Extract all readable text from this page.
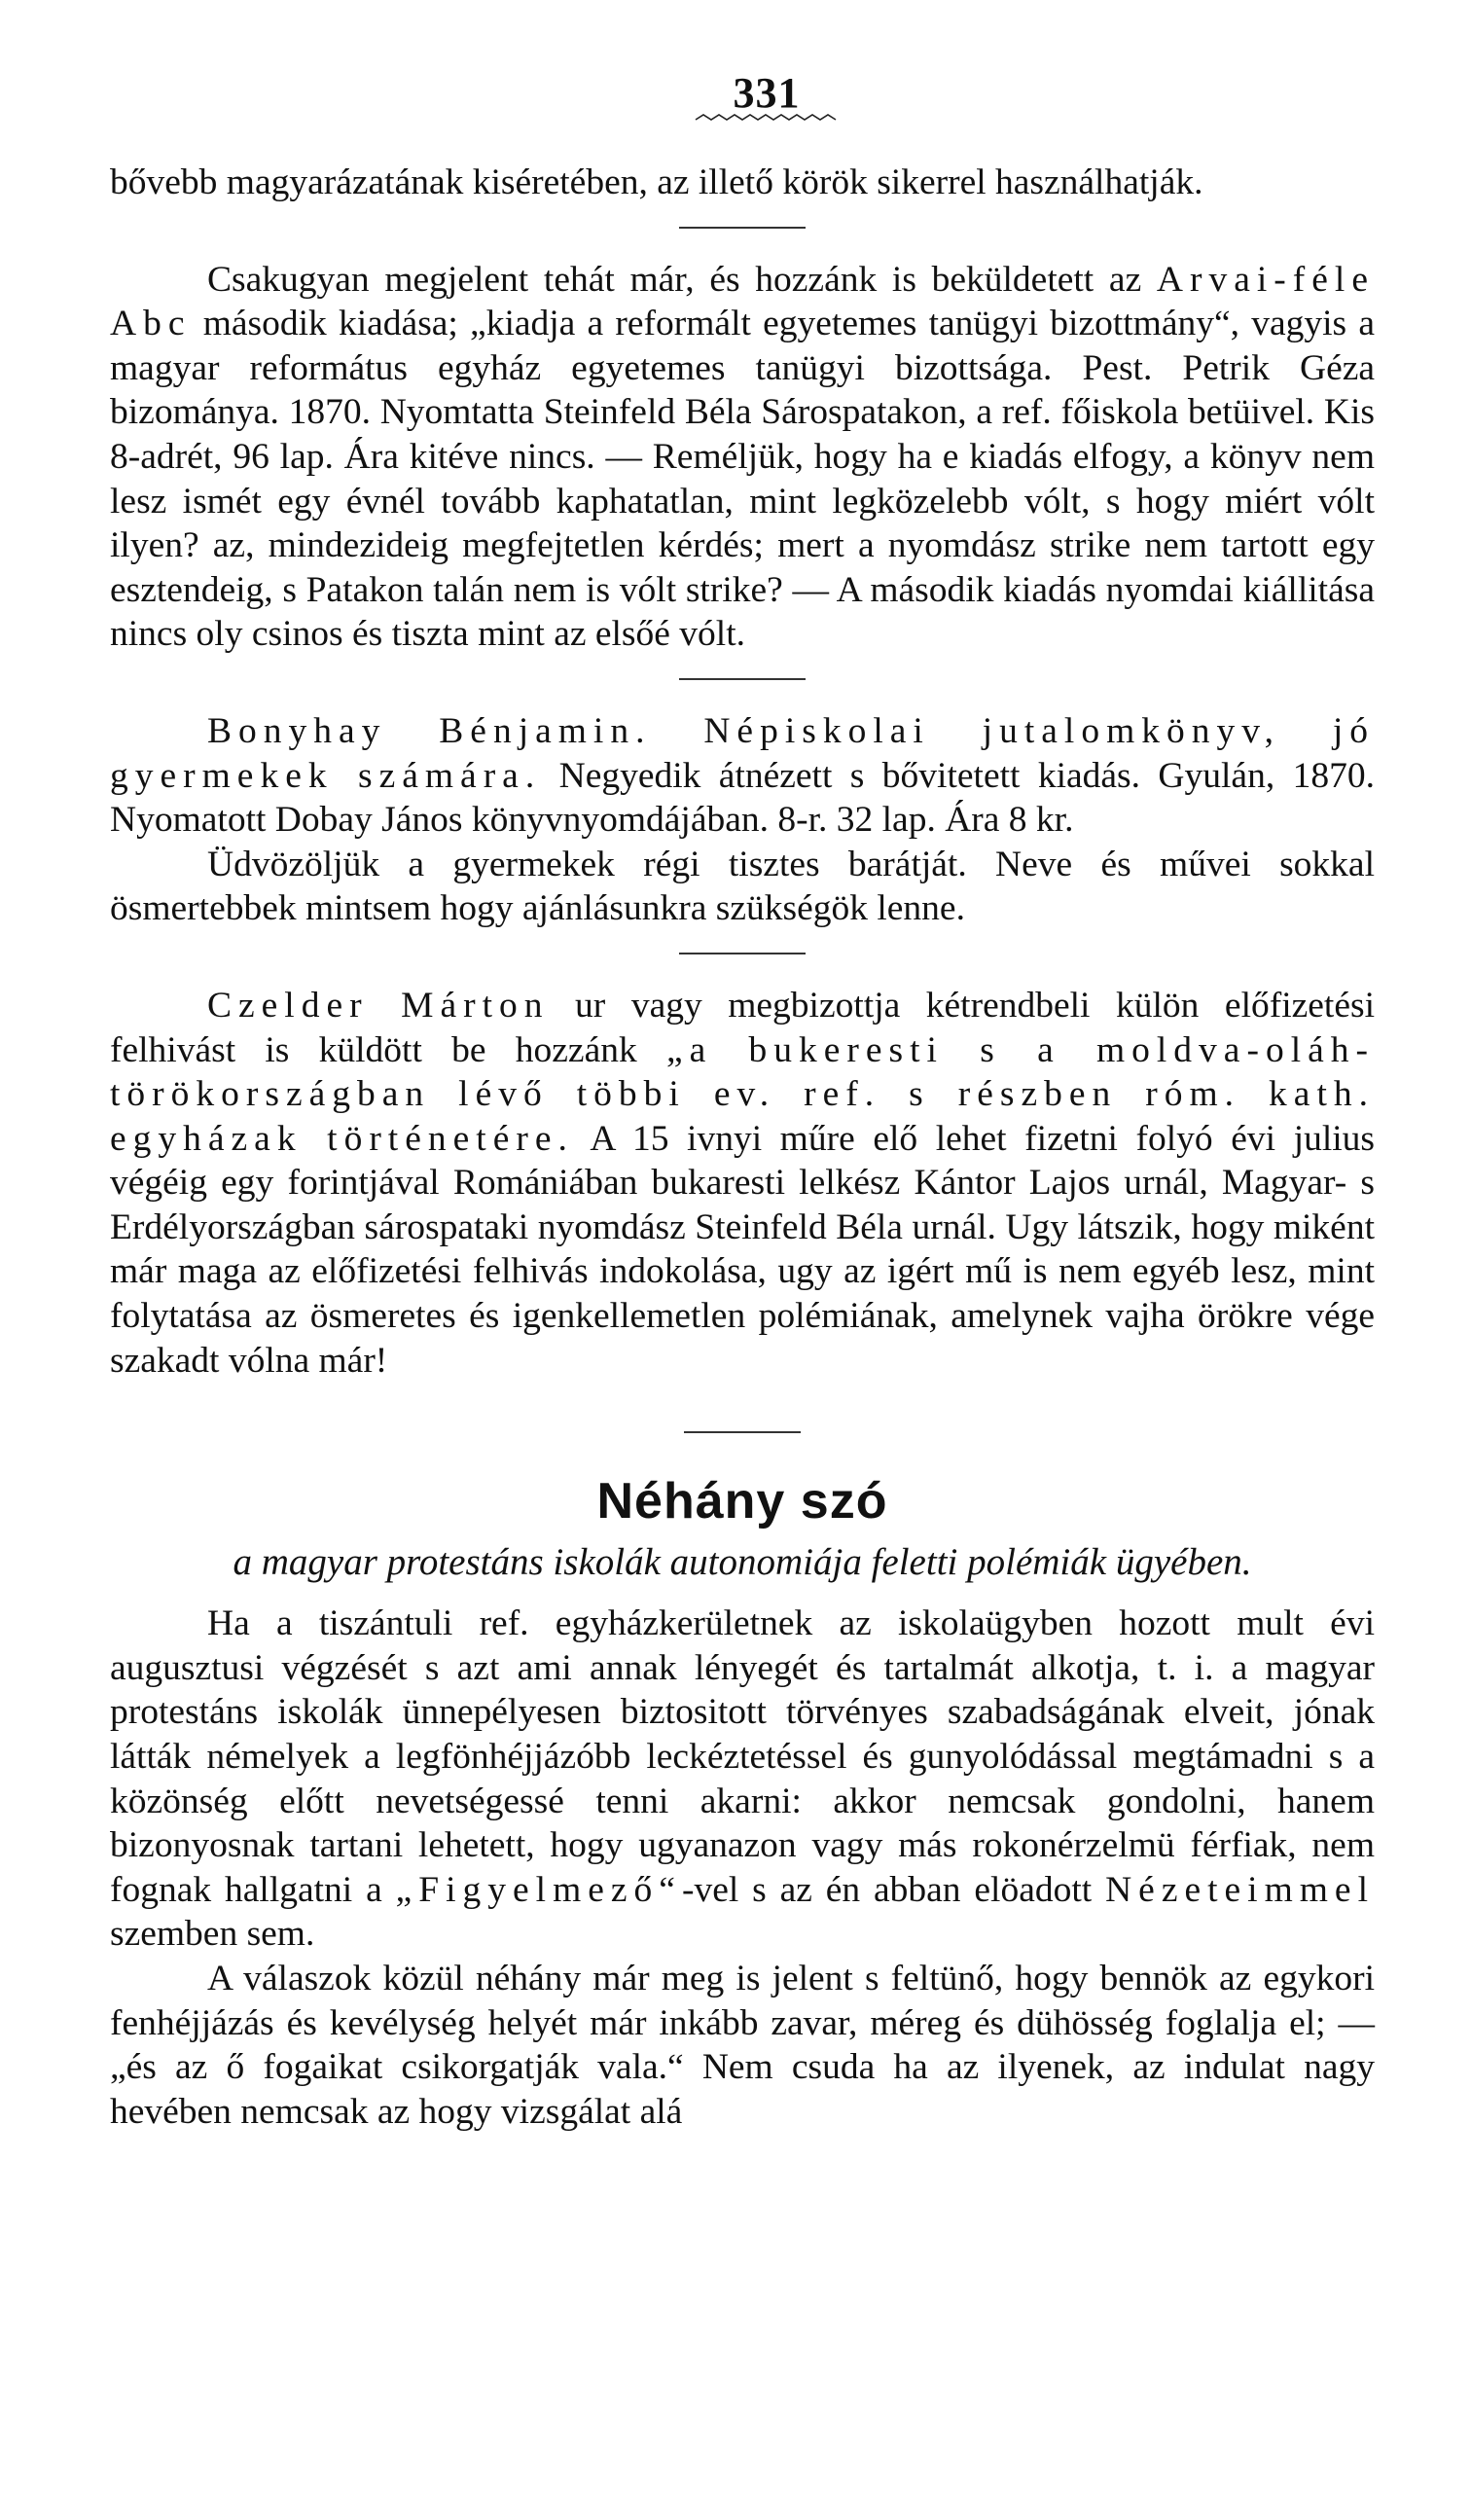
331

bővebb magyarázatának kiséretében, az illető körök sikerrel használhatják.

Csakugyan megjelent tehát már, és hozzánk is beküldetett az Arvai-féle Abc második kiadása; „kiadja a reformált egyetemes tanügyi bizottmány“, vagyis a magyar református egyház egyetemes tanügyi bizottsága. Pest. Petrik Géza bizománya. 1870. Nyomtatta Steinfeld Béla Sárospatakon, a ref. főiskola betüivel. Kis 8-adrét, 96 lap. Ára kitéve nincs. — Reméljük, hogy ha e kiadás elfogy, a könyv nem lesz ismét egy évnél tovább kaphatatlan, mint legközelebb vólt, s hogy miért vólt ilyen? az, mindezideig megfejtetlen kérdés; mert a nyomdász strike nem tartott egy esztendeig, s Patakon talán nem is vólt strike? — A második kiadás nyomdai kiállitása nincs oly csinos és tiszta mint az elsőé vólt.

Bonyhay Bénjamin. Népiskolai jutalomkönyv, jó gyermekek számára. Negyedik átnézett s bővitetett kiadás. Gyulán, 1870. Nyomatott Dobay János könyvnyomdájában. 8-r. 32 lap. Ára 8 kr.

Üdvözöljük a gyermekek régi tisztes barátját. Neve és művei sokkal ösmertebbek mintsem hogy ajánlásunkra szükségök lenne.

Czelder Márton ur vagy megbizottja kétrendbeli külön előfizetési felhivást is küldött be hozzánk „a bukeresti s a moldva-oláh-törökországban lévő többi ev. ref. s részben róm. kath. egyházak történetére. A 15 ivnyi műre elő lehet fizetni folyó évi julius végéig egy forintjával Romániában bukaresti lelkész Kántor Lajos urnál, Magyar- s Erdélyországban sárospataki nyomdász Steinfeld Béla urnál. Ugy látszik, hogy miként már maga az előfizetési felhivás indokolása, ugy az igért mű is nem egyéb lesz, mint folytatása az ösmeretes és igenkellemetlen polémiának, amelynek vajha örökre vége szakadt vólna már!

Néhány szó
a magyar protestáns iskolák autonomiája feletti polémiák ügyében.

Ha a tiszántuli ref. egyházkerületnek az iskolaügyben hozott mult évi augusztusi végzését s azt ami annak lényegét és tartalmát alkotja, t. i. a magyar protestáns iskolák ünnepélyesen biztositott törvényes szabadságának elveit, jónak látták némelyek a legfönhéjjázóbb leckéztetéssel és gunyolódással megtámadni s a közönség előtt nevetségessé tenni akarni: akkor nemcsak gondolni, hanem bizonyosnak tartani lehetett, hogy ugyanazon vagy más rokonérzelmü férfiak, nem fognak hallgatni a „Figyelmező“-vel s az én abban elöadott Nézeteimmel szemben sem.

A válaszok közül néhány már meg is jelent s feltünő, hogy bennök az egykori fenhéjjázás és kevélység helyét már inkább zavar, méreg és dühösség foglalja el; — „és az ő fogaikat csikorgatják vala.“ Nem csuda ha az ilyenek, az indulat nagy hevében nemcsak az hogy vizsgálat alá
